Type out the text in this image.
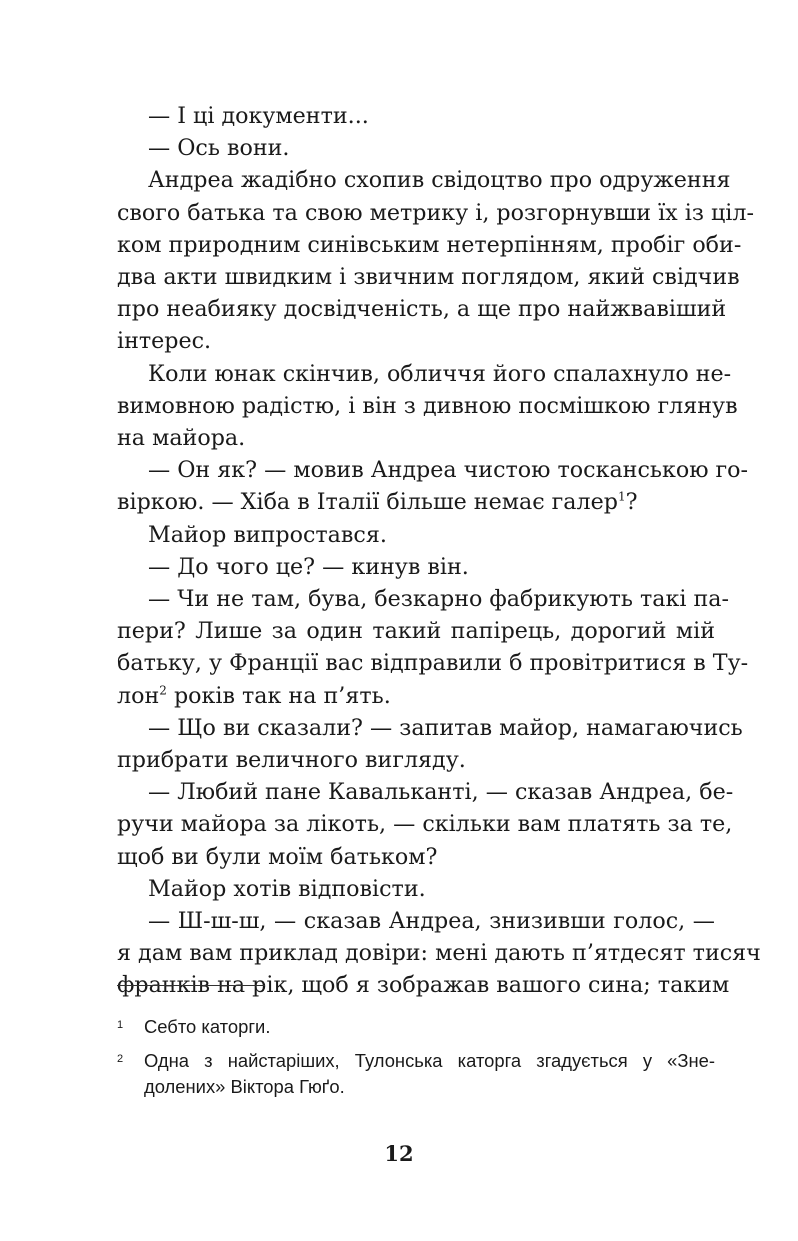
— І ці документи...
— Ось вони.
Андреа жадібно схопив свідоцтво про одруження
свого батька та свою метрику і, розгорнувши їх із ціл-
ком природним синівським нетерпінням, пробіг оби-
два акти швидким і звичним поглядом, який свідчив
про неабияку досвідченість, а ще про найжвавіший
інтерес.
Коли юнак скінчив, обличчя його спалахнуло не-
вимовною радістю, і він з дивною посмішкою глянув
на майора.
— Он як? — мовив Андреа чистою тосканською го-
віркою. — Хіба в Італії більше немає галер$^1$?
Майор випростався.
— До чого це? — кинув він.
— Чи не там, бува, безкарно фабрикують такі па-
пери? Лише за один такий папірець, дорогий мій
батьку, у Франції вас відправили б провітритися в Ту-
лон$^2$ років так на п’ять.
— Що ви сказали? — запитав майор, намагаючись
прибрати величного вигляду.
— Любий пане Кавальканті, — сказав Андреа, бе-
ручи майора за лікоть, — скільки вам платять за те,
щоб ви були моїм батьком?
Майор хотів відповісти.
— Ш-ш-ш, — сказав Андреа, знизивши голос, —
я дам вам приклад довіри: мені дають п’ятдесят тисяч
франків на рік, щоб я зображав вашого сина; таким
1 Себто каторги.
2 Одна з найстаріших, Тулонська каторга згадується у «Зне-
долених» Віктора Гюґо.
12
